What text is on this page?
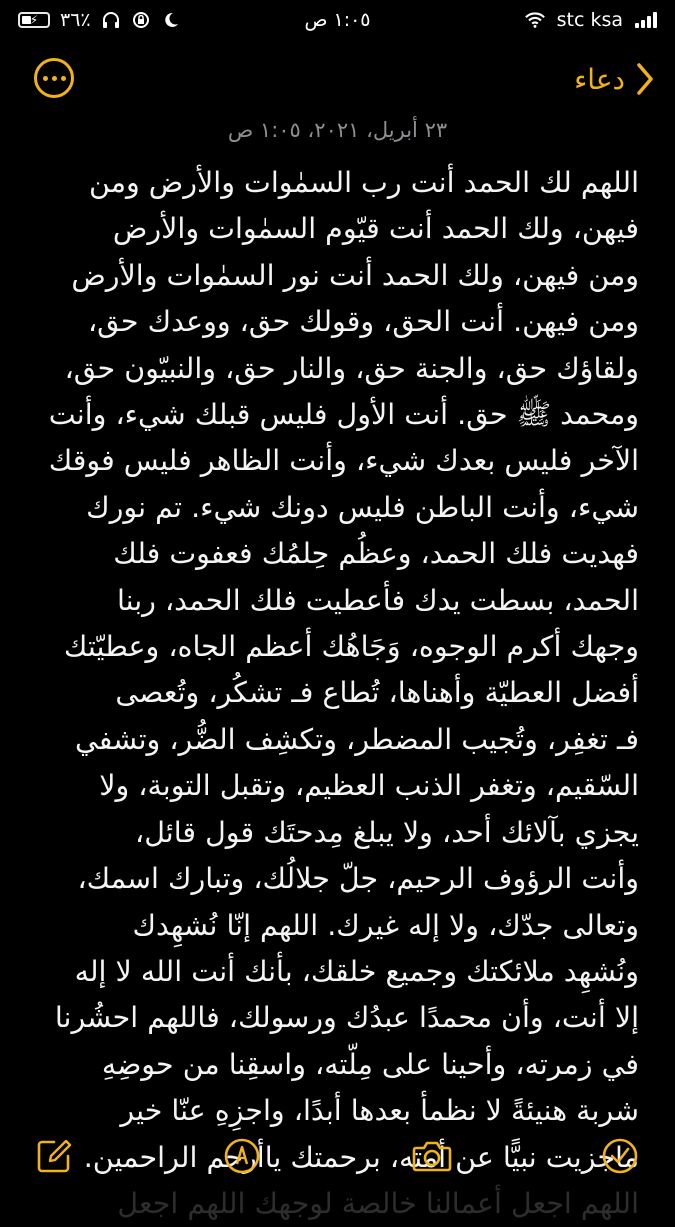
⚡ ٣٦٪	١:٠٥ ص	stc ksa
دعاء
٢٣ أبريل، ٢٠٢١، ١:٠٥ ص
اللهم لك الحمد أنت رب السمٰوات والأرض ومن
فيهن، ولك الحمد أنت قيّوم السمٰوات والأرض
ومن فيهن، ولك الحمد أنت نور السمٰوات والأرض
ومن فيهن. أنت الحق، وقولك حق، ووعدك حق،
ولقاؤك حق، والجنة حق، والنار حق، والنبيّون حق،
ومحمد ﷺ حق. أنت الأول فليس قبلك شيء، وأنت
الآخر فليس بعدك شيء، وأنت الظاهر فليس فوقك
شيء، وأنت الباطن فليس دونك شيء. تم نورك
فهديت فلك الحمد، وعظُم حِلمُك فعفوت فلك
الحمد، بسطت يدك فأعطيت فلك الحمد، ربنا
وجهك أكرم الوجوه، وَجَاهُك أعظم الجاه، وعطيّتك
أفضل العطيّة وأهناها، تُطاع فـ تشكُر، وتُعصى
فـ تغفِر، وتُجيب المضطر، وتكشِف الضُّر، وتشفي
السّقيم، وتغفر الذنب العظيم، وتقبل التوبة، ولا
يجزي بآلائك أحد، ولا يبلغ مِدحتَك قول قائل،
وأنت الرؤوف الرحيم، جلّ جلالُك، وتبارك اسمك،
وتعالى جدّك، ولا إله غيرك. اللهم إنّا نُشهِدك
ونُشهِد ملائكتك وجميع خلقك، بأنك أنت الله لا إله
إلا أنت، وأن محمدًا عبدُك ورسولك، فاللهم احشُرنا
في زمرته، وأحينا على مِلّته، واسقِنا من حوضِهِ
شربة هنيئةً لا نظمأ بعدها أبدًا، واجزِهِ عنّا خير
ماجزيت نبيًّا عن أمته، برحمتك ياأرحم الراحمين.
اللهم اجعل أعمالنا خالصة لوجهك اللهم اجعل
